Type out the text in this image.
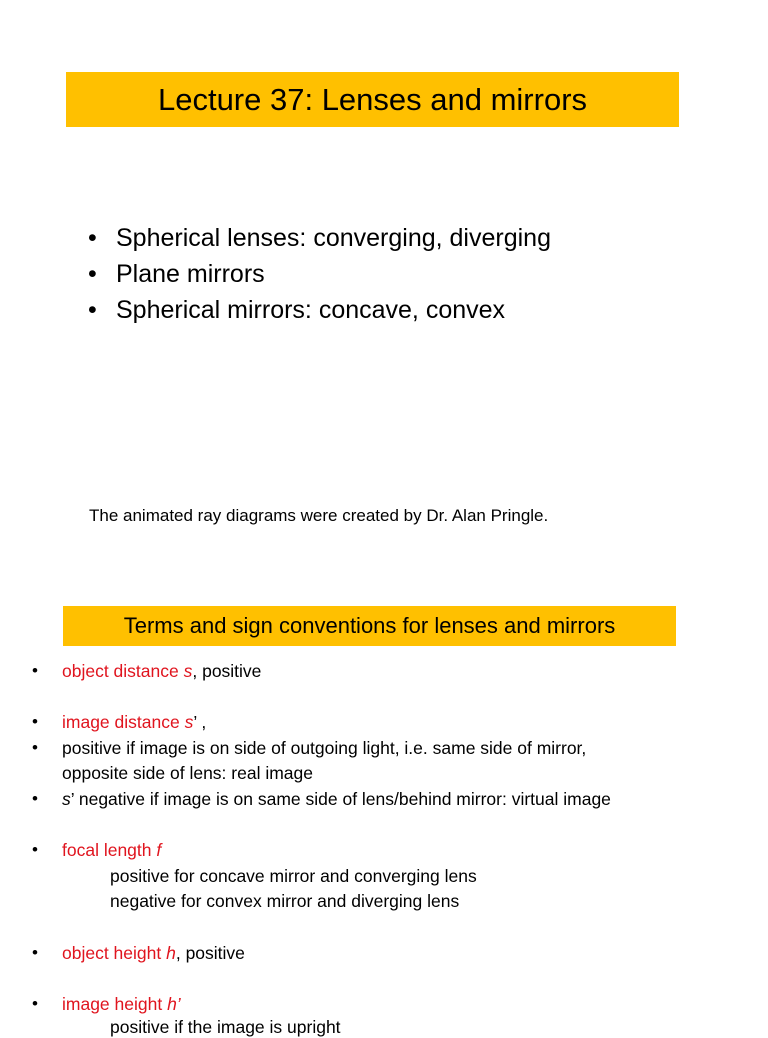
Lecture 37: Lenses and mirrors
• Spherical lenses: converging, diverging
• Plane mirrors
• Spherical mirrors: concave, convex
The animated ray diagrams were created by Dr. Alan Pringle.
Terms and sign conventions for lenses and mirrors
• object distance s, positive
• image distance s’ ,
• positive if image is on side of outgoing light, i.e. same side of mirror,
opposite side of lens: real image
• s’ negative if image is on same side of lens/behind mirror: virtual image
• focal length f
positive for concave mirror and converging lens
negative for convex mirror and diverging lens
• object height h, positive
• image height h’
positive if the image is upright
